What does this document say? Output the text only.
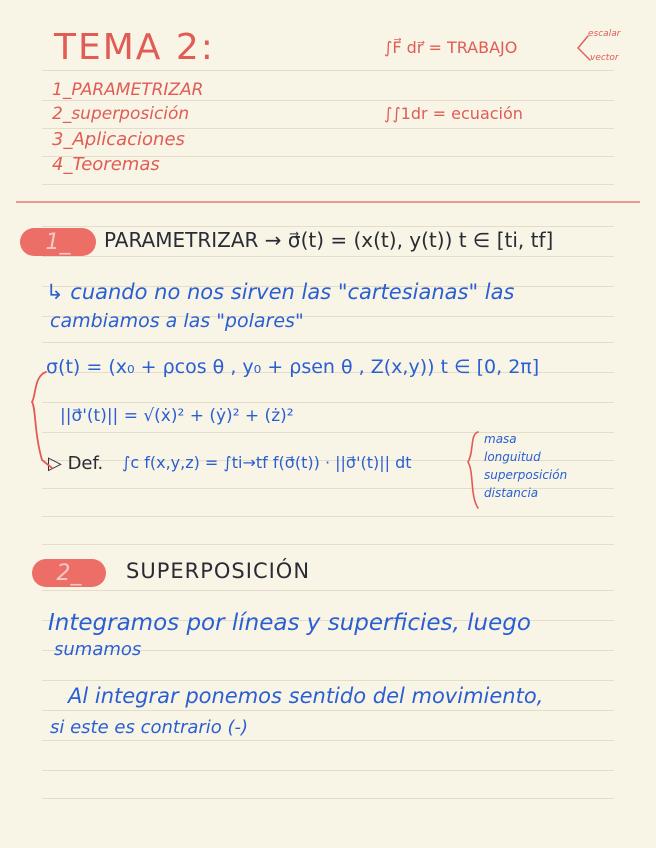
TEMA 2:
1_PARAMETRIZAR
2_superposición
3_Aplicaciones
4_Teoremas
∫F⃗ dr⃗ = TRABAJO
escalar
vector
∫∫1dr = ecuación
1_	PARAMETRIZAR → σ⃗(t) = (x(t), y(t)) t ∈ [ti, tf]
↳ cuando no nos sirven las "cartesianas" las
cambiamos a las "polares"
σ(t) = (x₀ + ρcos θ , y₀ + ρsen θ , Z(x,y)) t ∈ [0, 2π]
||σ⃗'(t)|| = √(ẋ)² + (ẏ)² + (ż)²
▷ Def. ∫c f(x,y,z) = ∫ti→tf f(σ⃗(t)) · ||σ⃗'(t)|| dt
masa
longuitud
superposición
distancia
2_	SUPERPOSICIÓN
Integramos por líneas y superficies, luego
sumamos
Al integrar ponemos sentido del movimiento,
si este es contrario (-)
